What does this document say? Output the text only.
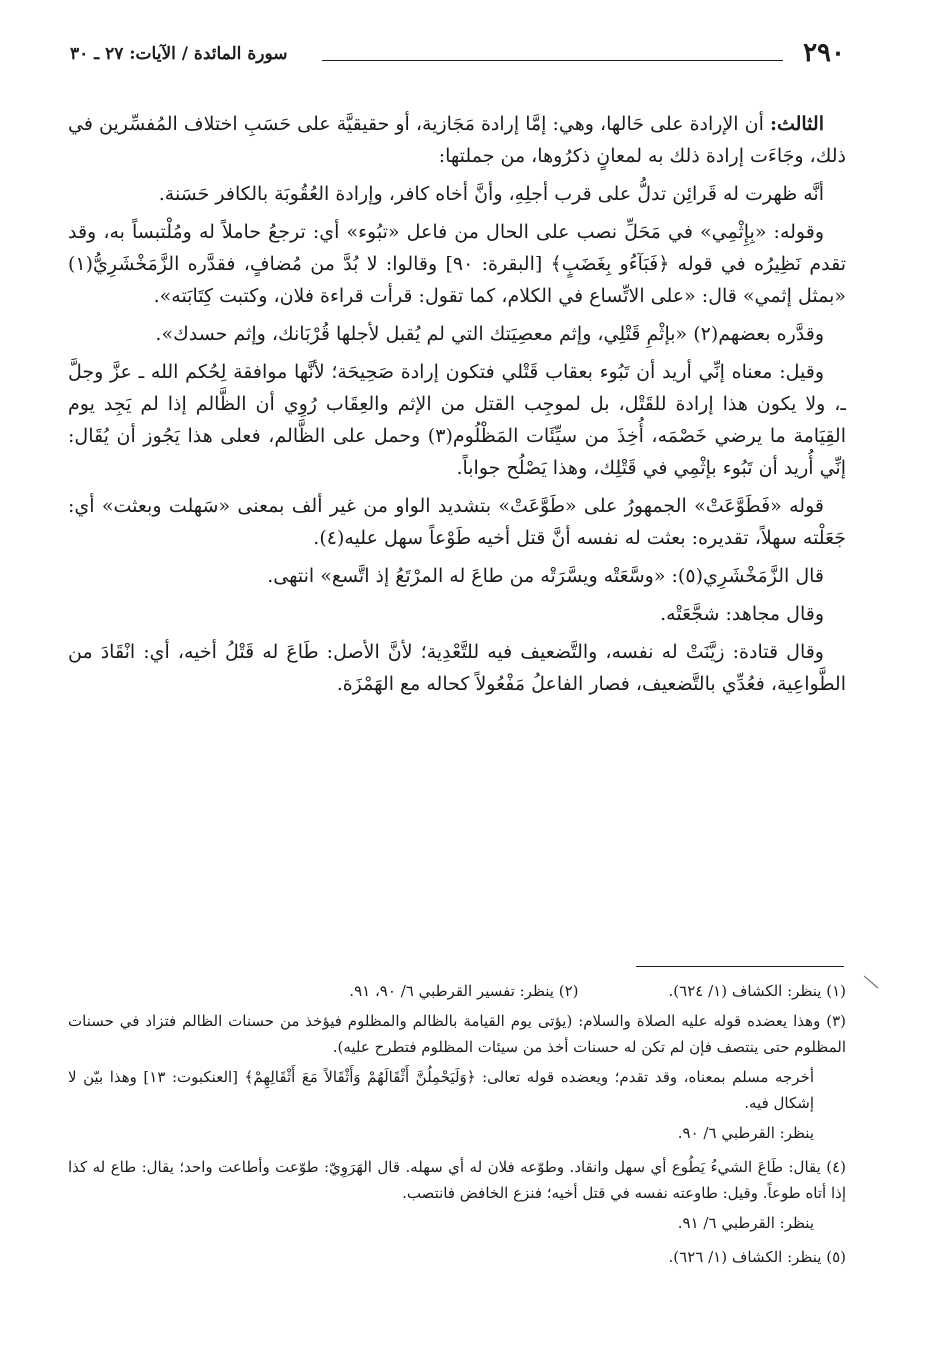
٢٩٠
سورة المائدة / الآيات: ٢٧ ـ ٣٠

الثالث: أن الإرادة على حَالها، وهي: إمَّا إرادة مَجَازية، أو حقيقيَّة على حَسَبِ اختلاف المُفسِّرين في ذلك، وجَاءَت إرادة ذلك به لمعانٍ ذكرُوها، من جملتها:

أنَّه ظهرت له قَرائِن تدلُّ على قرب أجلِهِ، وأنَّ أخاه كافر، وإرادة العُقُوبَة بالكافر حَسَنة.

وقوله: «بِإِثْمِي» في مَحَلِّ نصب على الحال من فاعل «تبُوء» أي: ترجعُ حاملاً له ومُلْتبساً به، وقد تقدم نَظِيرُه في قوله ﴿فَبَآءُو بِغَضَبٍ﴾ [البقرة: ٩٠] وقالوا: لا بُدَّ من مُضافٍ، فقدَّره الزَّمَخْشَرِيُّ(١) «بمثل إثمي» قال: «على الاتِّساع في الكلام، كما تقول: قرأت قراءة فلان، وكتبت كِتَابَته».

وقدَّره بعضهم(٢) «بإثْمِ قَتْلِي، وإثم معصِيَتك التي لم يُقبل لأجلها قُرْبَانك، وإثم حسدك».

وقيل: معناه إنِّي أريد أن تَبُوء بعقاب قَتْلي فتكون إرادة صَحِيحَة؛ لأنَّها موافقة لِحُكم الله ـ عزَّ وجلَّ ـ، ولا يكون هذا إرادة للقَتْل، بل لموجِب القتل من الإثم والعِقَاب رُوِي أن الظَّالم إذا لم يَجِد يوم القِيَامة ما يرضي خَصْمَه، أُخِذَ من سيِّئَات المَظْلُوم(٣) وحمل على الظَّالم، فعلى هذا يَجُوز أن يُقَال: إنِّي أُريد أن تَبُوء بإثْمِي في قَتْلِك، وهذا يَصْلُح جواباً.

قوله «فَطَوَّعَتْ» الجمهورُ على «طَوَّعَتْ» بتشديد الواو من غير ألف بمعنى «سَهلت وبعثت» أي: جَعَلْته سهلاً، تقديره: بعثت له نفسه أنَّ قتل أخيه طَوْعاً سهل عليه(٤).

قال الزَّمَخْشَرِي(٥): «وسَّعَتْه ويسَّرَتْه من طاعَ له المرْتَعُ إذ اتَّسع» انتهى.

وقال مجاهد: شجَّعَتْه.

وقال قتادة: زيَّنَتْ له نفسه، والتَّضعيف فيه للتَّعْدِية؛ لأنَّ الأصل: طَاعَ له قَتْلُ أخيه، أي: انْقَادَ من الطَّواعِية، فعُدِّي بالتَّضعيف، فصار الفاعلُ مَفْعُولاً كحاله مع الهَمْزَة.

(١) ينظر: الكشاف (١/ ٦٢٤).
(٢) ينظر: تفسير القرطبي ٦/ ٩٠، ٩١.

(٣) وهذا يعضده قوله عليه الصلاة والسلام: (يؤتى يوم القيامة بالظالم والمظلوم فيؤخذ من حسنات الظالم فتزاد في حسنات المظلوم حتى ينتصف فإن لم تكن له حسنات أخذ من سيئات المظلوم فتطرح عليه).

أخرجه مسلم بمعناه، وقد تقدم؛ ويعضده قوله تعالى: ﴿وَلَيَحْمِلُنَّ أَثْقَالَهُمْ وَأَثْقَالاً مَعَ أَثْقَالِهِمْ﴾ [العنكبوت: ١٣] وهذا بيّن لا إشكال فيه.

ينظر: القرطبي ٦/ ٩٠.

(٤) يقال: طَاعَ الشيءُ يَطُوع أي سهل وانقاد. وطوّعه فلان له أي سهله. قال الهَرَوِيّ: طوّعت وأطاعت واحد؛ يقال: طاع له كذا إذا أتاه طوعاً. وقيل: طاوعته نفسه في قتل أخيه؛ فنزع الخافض فانتصب.

ينظر: القرطبي ٦/ ٩١.

(٥) ينظر: الكشاف (١/ ٦٢٦).
